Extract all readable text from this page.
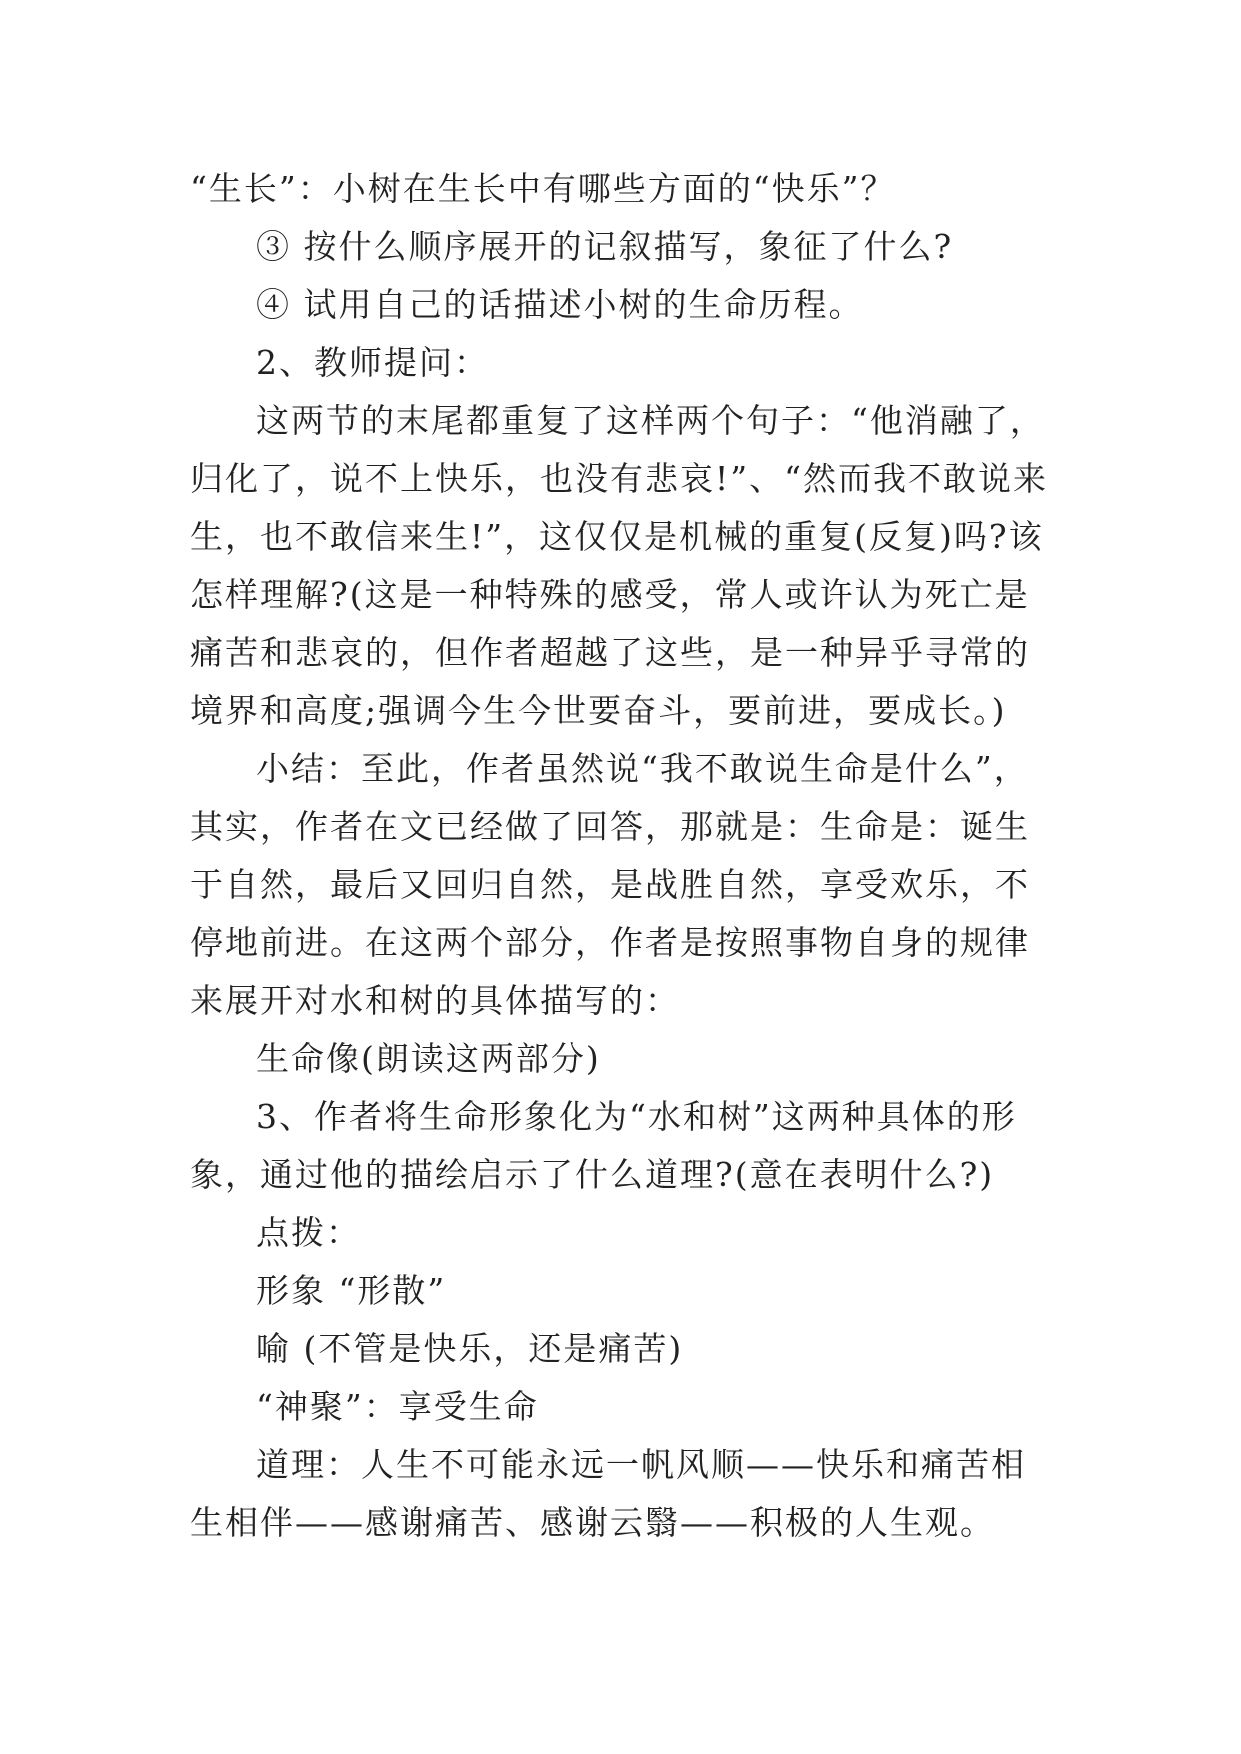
“生长”：小树在生长中有哪些方面的“快乐”？

③ 按什么顺序展开的记叙描写，象征了什么?

④ 试用自己的话描述小树的生命历程。

2、教师提问：

这两节的末尾都重复了这样两个句子：“他消融了，归化了，说不上快乐，也没有悲哀!”、“然而我不敢说来生，也不敢信来生!”，这仅仅是机械的重复(反复)吗?该怎样理解?(这是一种特殊的感受，常人或许认为死亡是痛苦和悲哀的，但作者超越了这些，是一种异乎寻常的境界和高度;强调今生今世要奋斗，要前进，要成长。)

小结：至此，作者虽然说“我不敢说生命是什么”，其实，作者在文已经做了回答，那就是：生命是：诞生于自然，最后又回归自然，是战胜自然，享受欢乐，不停地前进。在这两个部分，作者是按照事物自身的规律来展开对水和树的具体描写的：

生命像(朗读这两部分)

3、作者将生命形象化为“水和树”这两种具体的形象，通过他的描绘启示了什么道理?(意在表明什么?)

点拨：

形象 “形散”

喻 (不管是快乐，还是痛苦)

“神聚”：享受生命

道理：人生不可能永远一帆风顺——快乐和痛苦相生相伴——感谢痛苦、感谢云翳——积极的人生观。
